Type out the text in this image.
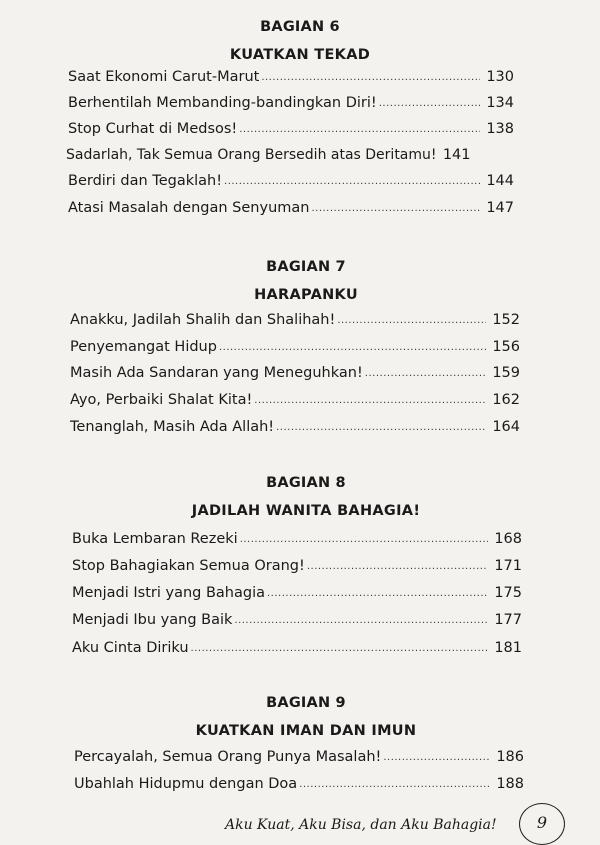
BAGIAN 6
KUATKAN TEKAD
Saat Ekonomi Carut-Marut .....	130
Berhentilah Membanding-bandingkan Diri! .....	134
Stop Curhat di Medsos! .....	138
Sadarlah, Tak Semua Orang Bersedih atas Deritamu! 141
Berdiri dan Tegaklah! .....	144
Atasi Masalah dengan Senyuman .....	147
BAGIAN 7
HARAPANKU
Anakku, Jadilah Shalih dan Shalihah! .....	152
Penyemangat Hidup .....	156
Masih Ada Sandaran yang Meneguhkan! .....	159
Ayo, Perbaiki Shalat Kita! .....	162
Tenanglah, Masih Ada Allah! .....	164
BAGIAN 8
JADILAH WANITA BAHAGIA!
Buka Lembaran Rezeki .....	168
Stop Bahagiakan Semua Orang! .....	171
Menjadi Istri yang Bahagia .....	175
Menjadi Ibu yang Baik .....	177
Aku Cinta Diriku .....	181
BAGIAN 9
KUATKAN IMAN DAN IMUN
Percayalah, Semua Orang Punya Masalah! .....	186
Ubahlah Hidupmu dengan Doa .....	188
Aku Kuat, Aku Bisa, dan Aku Bahagia!	9
